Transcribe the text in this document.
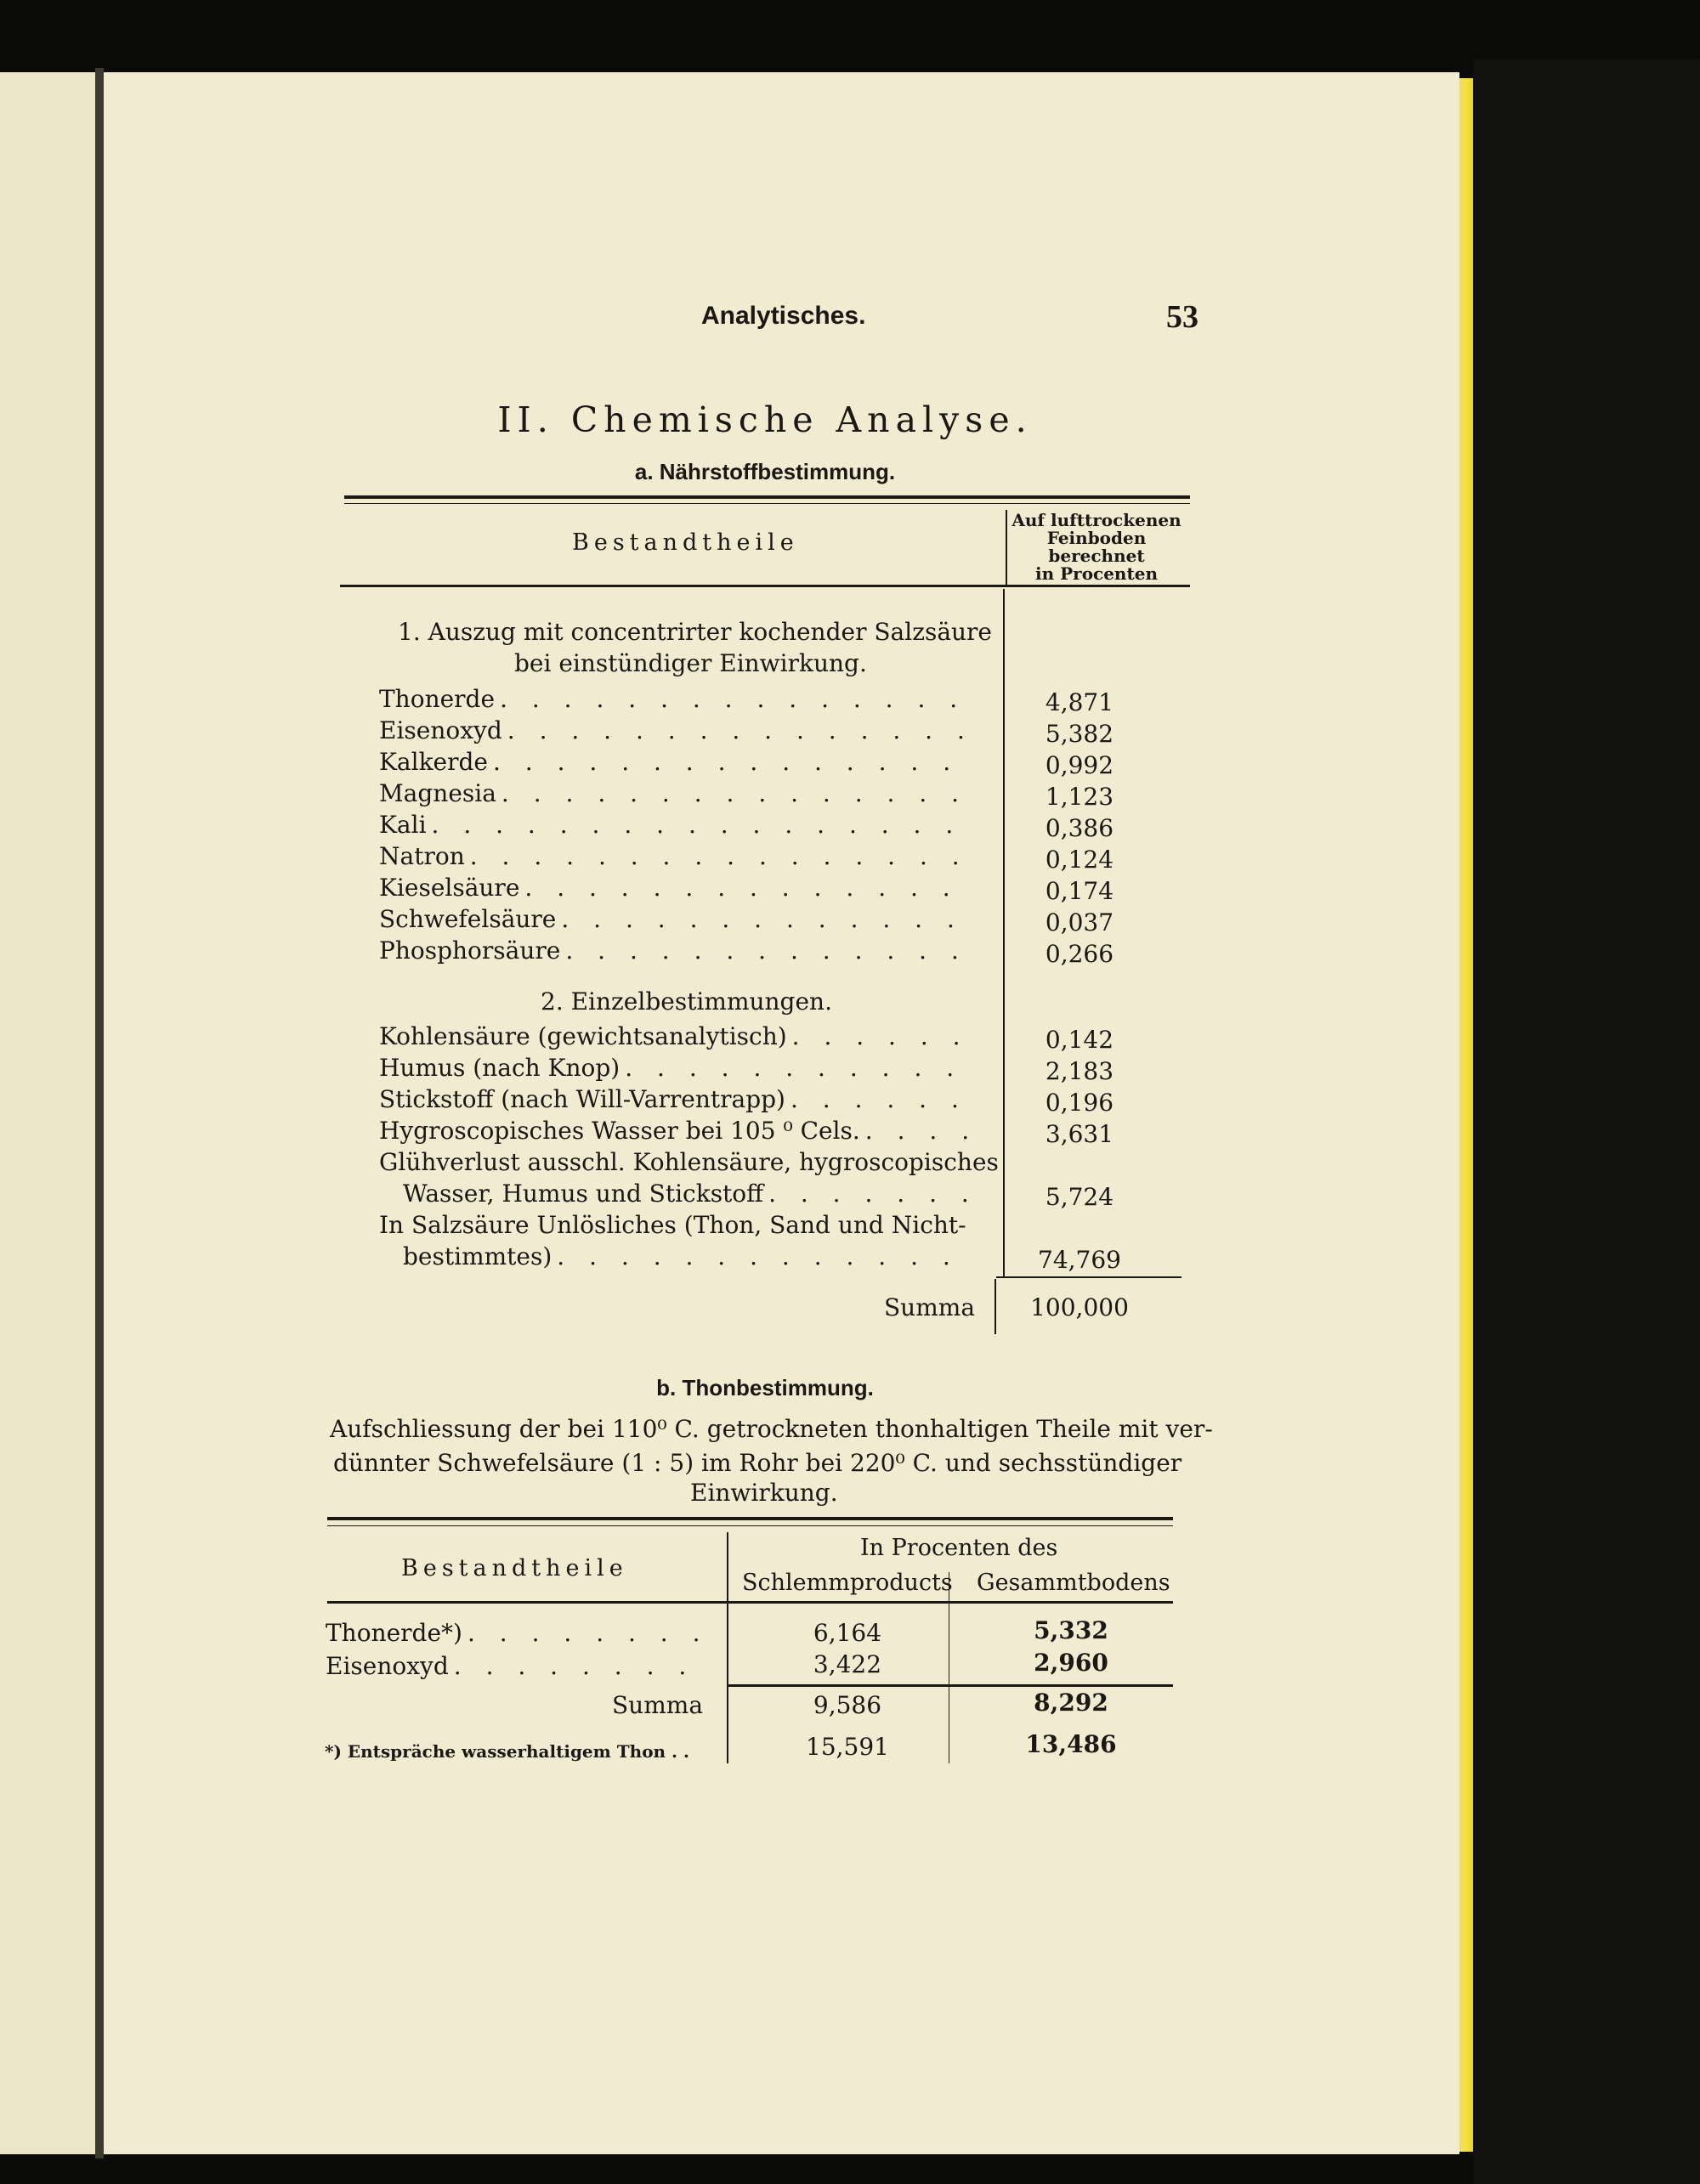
Analytisches.	53
II. Chemische Analyse.
a. Nährstoffbestimmung.
Bestandtheile
Auf lufttrockenen
Feinboden
berechnet
in Procenten
1. Auszug mit concentrirter kochender Salzsäure
bei einstündiger Einwirkung.
Thonerde . . .	4,871
Eisenoxyd . . .	5,382
Kalkerde . . .	0,992
Magnesia . . .	1,123
Kali . . .	0,386
Natron . . .	0,124
Kieselsäure . . .	0,174
Schwefelsäure . . .	0,037
Phosphorsäure . . .	0,266
2. Einzelbestimmungen.
Kohlensäure (gewichtsanalytisch) . . .	0,142
Humus (nach Knop) . . .	2,183
Stickstoff (nach Will-Varrentrapp) . . .	0,196
Hygroscopisches Wasser bei 105 ⁰ Cels. . . .	3,631
Glühverlust ausschl. Kohlensäure, hygroscopisches
Wasser, Humus und Stickstoff . . .	5,724
In Salzsäure Unlösliches (Thon, Sand und Nicht-
bestimmtes) . . .	74,769
Summa	100,000
b. Thonbestimmung.
Aufschliessung der bei 110⁰ C. getrockneten thonhaltigen Theile mit ver-
dünnter Schwefelsäure (1 : 5) im Rohr bei 220⁰ C. und sechsstündiger
Einwirkung.
Bestandtheile
In Procenten des
Schlemmproducts Gesammtbodens
Thonerde*) . . .	6,164	5,332
Eisenoxyd . . .	3,422	2,960
Summa	9,586	8,292
*) Entspräche wasserhaltigem Thon . .	15,591	13,486
